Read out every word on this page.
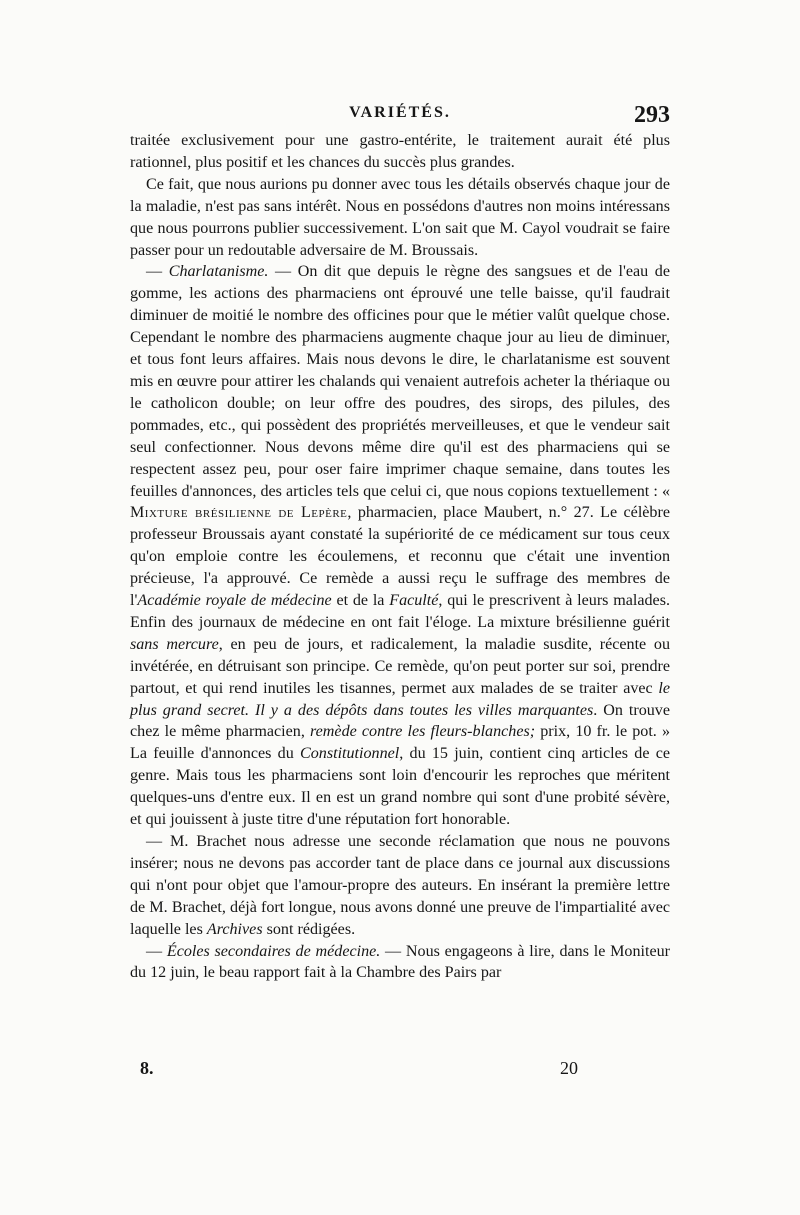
VARIÉTÉS.	293

traitée exclusivement pour une gastro-entérite, le traitement aurait été plus rationnel, plus positif et les chances du succès plus grandes.

Ce fait, que nous aurions pu donner avec tous les détails observés chaque jour de la maladie, n'est pas sans intérêt. Nous en possédons d'autres non moins intéressans que nous pourrons publier successivement. L'on sait que M. Cayol voudrait se faire passer pour un redoutable adversaire de M. Broussais.

— Charlatanisme. — On dit que depuis le règne des sangsues et de l'eau de gomme, les actions des pharmaciens ont éprouvé une telle baisse, qu'il faudrait diminuer de moitié le nombre des officines pour que le métier valût quelque chose. Cependant le nombre des pharmaciens augmente chaque jour au lieu de diminuer, et tous font leurs affaires. Mais nous devons le dire, le charlatanisme est souvent mis en œuvre pour attirer les chalands qui venaient autrefois acheter la thériaque ou le catholicon double; on leur offre des poudres, des sirops, des pilules, des pommades, etc., qui possèdent des propriétés merveilleuses, et que le vendeur sait seul confectionner. Nous devons même dire qu'il est des pharmaciens qui se respectent assez peu, pour oser faire imprimer chaque semaine, dans toutes les feuilles d'annonces, des articles tels que celui ci, que nous copions textuellement : « Mixture brésilienne de Lepère, pharmacien, place Maubert, n.° 27. Le célèbre professeur Broussais ayant constaté la supériorité de ce médicament sur tous ceux qu'on emploie contre les écoulemens, et reconnu que c'était une invention précieuse, l'a approuvé. Ce remède a aussi reçu le suffrage des membres de l'Académie royale de médecine et de la Faculté, qui le prescrivent à leurs malades. Enfin des journaux de médecine en ont fait l'éloge. La mixture brésilienne guérit sans mercure, en peu de jours, et radicalement, la maladie susdite, récente ou invétérée, en détruisant son principe. Ce remède, qu'on peut porter sur soi, prendre partout, et qui rend inutiles les tisannes, permet aux malades de se traiter avec le plus grand secret. Il y a des dépôts dans toutes les villes marquantes. On trouve chez le même pharmacien, remède contre les fleurs-blanches; prix, 10 fr. le pot. » La feuille d'annonces du Constitutionnel, du 15 juin, contient cinq articles de ce genre. Mais tous les pharmaciens sont loin d'encourir les reproches que méritent quelques-uns d'entre eux. Il en est un grand nombre qui sont d'une probité sévère, et qui jouissent à juste titre d'une réputation fort honorable.

— M. Brachet nous adresse une seconde réclamation que nous ne pouvons insérer; nous ne devons pas accorder tant de place dans ce journal aux discussions qui n'ont pour objet que l'amour-propre des auteurs. En insérant la première lettre de M. Brachet, déjà fort longue, nous avons donné une preuve de l'impartialité avec laquelle les Archives sont rédigées.

— Écoles secondaires de médecine. — Nous engageons à lire, dans le Moniteur du 12 juin, le beau rapport fait à la Chambre des Pairs par

8.	20
